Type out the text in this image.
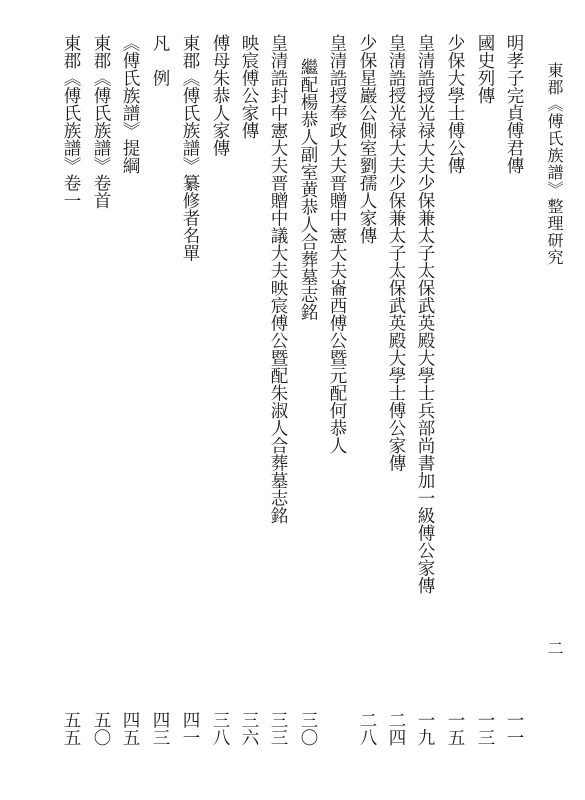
東郡《傅氏族譜》整理研究
二
明孝子完貞傅君傳
一一
國史列傳
一三
少保大學士傅公傳
一五
皇清誥授光禄大夫少保兼太子太保武英殿大學士兵部尚書加一級傅公家傳
一九
皇清誥授光禄大夫少保兼太子太保武英殿大學士傅公家傳
二四
少保星巖公側室劉孺人家傳
二八
皇清誥授奉政大夫晋贈中憲大夫崙西傅公暨元配何恭人
繼配楊恭人副室黄恭人合葬墓志銘
三〇
皇清誥封中憲大夫晋贈中議大夫映宸傅公暨配朱淑人合葬墓志銘
三三
映宸傅公家傳
三六
傅母朱恭人家傳
三八
東郡《傅氏族譜》纂修者名單
四一
凡　例
四三
《傅氏族譜》提綱
四五
東郡《傅氏族譜》卷首
五〇
東郡《傅氏族譜》卷一
五五
